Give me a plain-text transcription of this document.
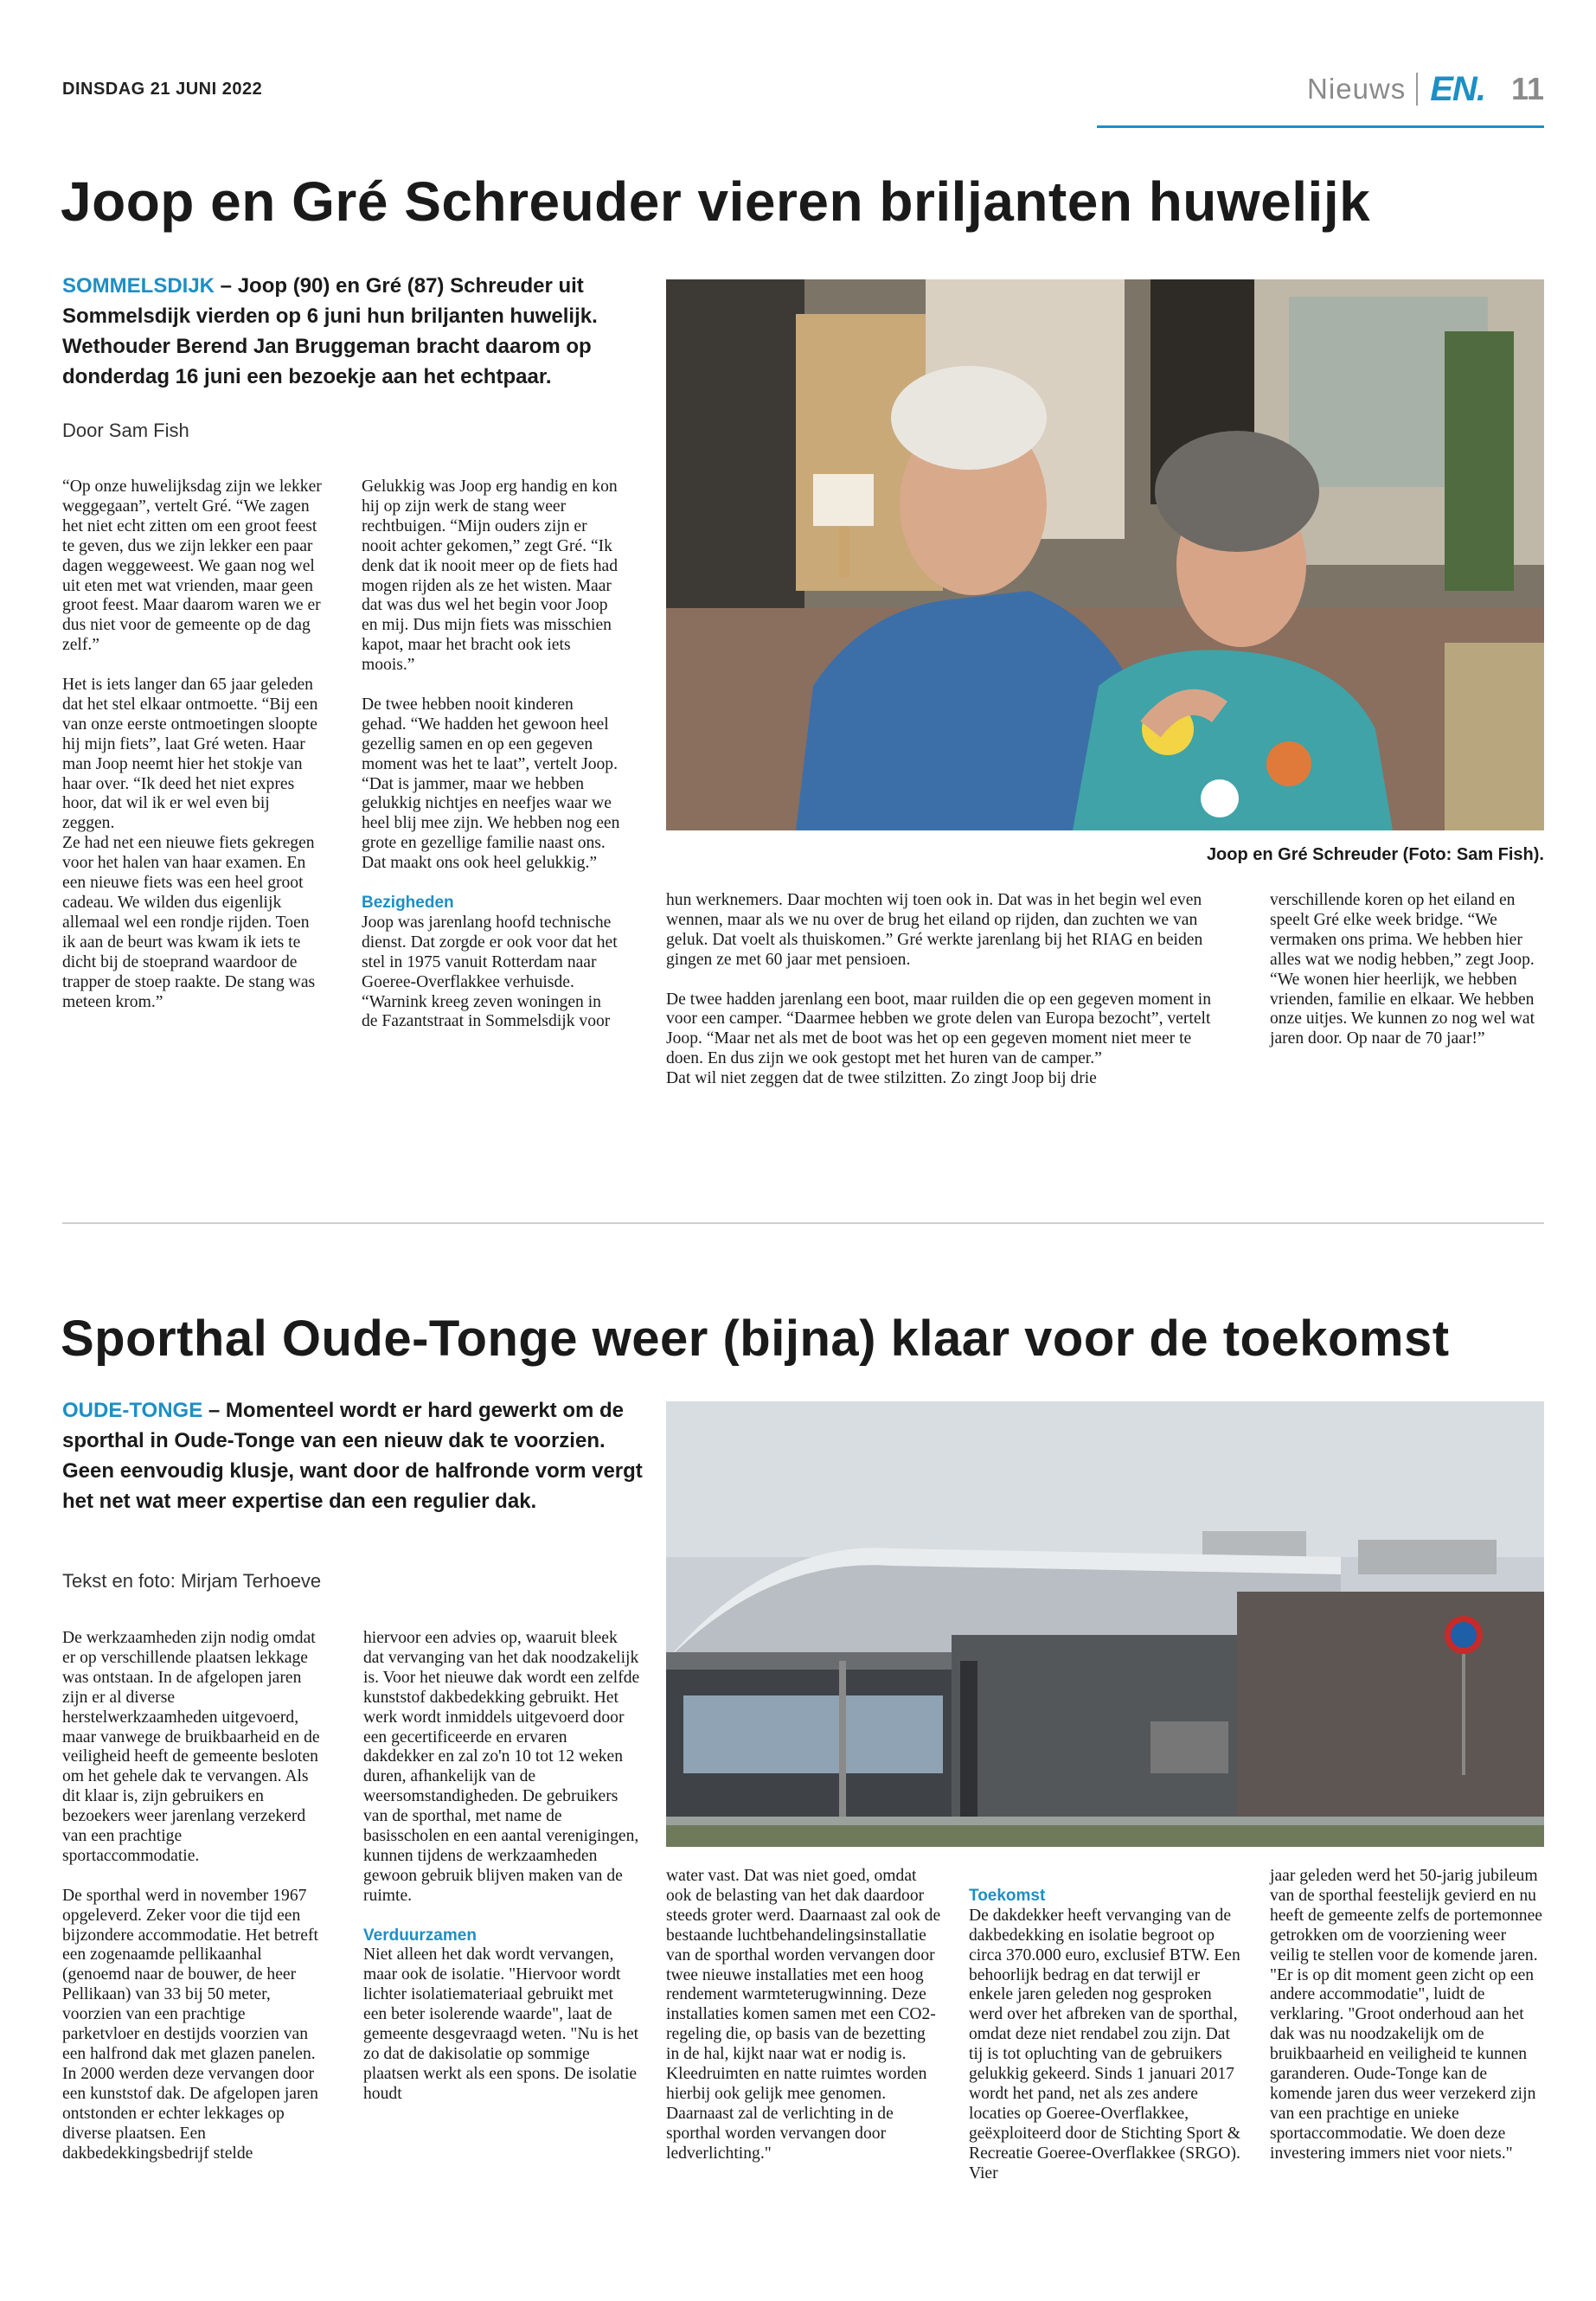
DINSDAG 21 JUNI 2022	Nieuws EN. 11
Joop en Gré Schreuder vieren briljanten huwelijk
SOMMELSDIJK – Joop (90) en Gré (87) Schreuder uit Sommelsdijk vierden op 6 juni hun briljanten huwelijk. Wethouder Berend Jan Bruggeman bracht daarom op donderdag 16 juni een bezoekje aan het echtpaar.
Door Sam Fish
Joop en Gré Schreuder (Foto: Sam Fish).

“Op onze huwelijksdag zijn we lekker weggegaan”, vertelt Gré. “We zagen het niet echt zitten om een groot feest te geven, dus we zijn lekker een paar dagen weggeweest. We gaan nog wel uit eten met wat vrienden, maar geen groot feest. Maar daarom waren we er dus niet voor de gemeente op de dag zelf.”

Het is iets langer dan 65 jaar geleden dat het stel elkaar ontmoette. “Bij een van onze eerste ontmoetingen sloopte hij mijn fiets”, laat Gré weten. Haar man Joop neemt hier het stokje van haar over. “Ik deed het niet expres hoor, dat wil ik er wel even bij zeggen.

Ze had net een nieuwe fiets gekregen voor het halen van haar examen. En een nieuwe fiets was een heel groot cadeau. We wilden dus eigenlijk allemaal wel een rondje rijden. Toen ik aan de beurt was kwam ik iets te dicht bij de stoeprand waardoor de trapper de stoep raakte. De stang was meteen krom.”

Gelukkig was Joop erg handig en kon hij op zijn werk de stang weer rechtbuigen. “Mijn ouders zijn er nooit achter gekomen,” zegt Gré. “Ik denk dat ik nooit meer op de fiets had mogen rijden als ze het wisten. Maar dat was dus wel het begin voor Joop en mij. Dus mijn fiets was misschien kapot, maar het bracht ook iets moois.”

De twee hebben nooit kinderen gehad. “We hadden het gewoon heel gezellig samen en op een gegeven moment was het te laat”, vertelt Joop. “Dat is jammer, maar we hebben gelukkig nichtjes en neefjes waar we heel blij mee zijn. We hebben nog een grote en gezellige familie naast ons. Dat maakt ons ook heel gelukkig.”

Bezigheden

Joop was jarenlang hoofd technische dienst. Dat zorgde er ook voor dat het stel in 1975 vanuit Rotterdam naar Goeree-Overflakkee verhuisde. “Warnink kreeg zeven woningen in de Fazantstraat in Sommelsdijk voor

hun werknemers. Daar mochten wij toen ook in. Dat was in het begin wel even wennen, maar als we nu over de brug het eiland op rijden, dan zuchten we van geluk. Dat voelt als thuiskomen.” Gré werkte jarenlang bij het RIAG en beiden gingen ze met 60 jaar met pensioen.

De twee hadden jarenlang een boot, maar ruilden die op een gegeven moment in voor een camper. “Daarmee hebben we grote delen van Europa bezocht”, vertelt Joop. “Maar net als met de boot was het op een gegeven moment niet meer te doen. En dus zijn we ook gestopt met het huren van de camper.”

Dat wil niet zeggen dat de twee stilzitten. Zo zingt Joop bij drie

verschillende koren op het eiland en speelt Gré elke week bridge. “We vermaken ons prima. We hebben hier alles wat we nodig hebben,” zegt Joop. “We wonen hier heerlijk, we hebben vrienden, familie en elkaar. We hebben onze uitjes. We kunnen zo nog wel wat jaren door. Op naar de 70 jaar!”

Sporthal Oude-Tonge weer (bijna) klaar voor de toekomst
OUDE-TONGE – Momenteel wordt er hard gewerkt om de sporthal in Oude-Tonge van een nieuw dak te voorzien. Geen eenvoudig klusje, want door de halfronde vorm vergt het net wat meer expertise dan een regulier dak.
Tekst en foto: Mirjam Terhoeve

De werkzaamheden zijn nodig omdat er op verschillende plaatsen lekkage was ontstaan. In de afgelopen jaren zijn er al diverse herstelwerkzaamheden uitgevoerd, maar vanwege de bruikbaarheid en de veiligheid heeft de gemeente besloten om het gehele dak te vervangen. Als dit klaar is, zijn gebruikers en bezoekers weer jarenlang verzekerd van een prachtige sportaccommodatie.

De sporthal werd in november 1967 opgeleverd. Zeker voor die tijd een bijzondere accommodatie. Het betreft een zogenaamde pellikaanhal (genoemd naar de bouwer, de heer Pellikaan) van 33 bij 50 meter, voorzien van een prachtige parketvloer en destijds voorzien van een halfrond dak met glazen panelen. In 2000 werden deze vervangen door een kunststof dak. De afgelopen jaren ontstonden er echter lekkages op diverse plaatsen. Een dakbedekkingsbedrijf stelde

hiervoor een advies op, waaruit bleek dat vervanging van het dak noodzakelijk is. Voor het nieuwe dak wordt een zelfde kunststof dakbedekking gebruikt. Het werk wordt inmiddels uitgevoerd door een gecertificeerde en ervaren dakdekker en zal zo'n 10 tot 12 weken duren, afhankelijk van de weersomstandigheden. De gebruikers van de sporthal, met name de basisscholen en een aantal verenigingen, kunnen tijdens de werkzaamheden gewoon gebruik blijven maken van de ruimte.

Verduurzamen

Niet alleen het dak wordt vervangen, maar ook de isolatie. "Hiervoor wordt lichter isolatiemateriaal gebruikt met een beter isolerende waarde", laat de gemeente desgevraagd weten. "Nu is het zo dat de dakisolatie op sommige plaatsen werkt als een spons. De isolatie houdt

water vast. Dat was niet goed, omdat ook de belasting van het dak daardoor steeds groter werd. Daarnaast zal ook de bestaande luchtbehandelingsinstallatie van de sporthal worden vervangen door twee nieuwe installaties met een hoog rendement warmteterugwinning. Deze installaties komen samen met een CO2-regeling die, op basis van de bezetting in de hal, kijkt naar wat er nodig is. Kleedruimten en natte ruimtes worden hierbij ook gelijk mee genomen. Daarnaast zal de verlichting in de sporthal worden vervangen door ledverlichting."

Toekomst

De dakdekker heeft vervanging van de dakbedekking en isolatie begroot op circa 370.000 euro, exclusief BTW. Een behoorlijk bedrag en dat terwijl er enkele jaren geleden nog gesproken werd over het afbreken van de sporthal, omdat deze niet rendabel zou zijn. Dat tij is tot opluchting van de gebruikers gelukkig gekeerd. Sinds 1 januari 2017 wordt het pand, net als zes andere locaties op Goeree-Overflakkee, geëxploiteerd door de Stichting Sport & Recreatie Goeree-Overflakkee (SRGO). Vier

jaar geleden werd het 50-jarig jubileum van de sporthal feestelijk gevierd en nu heeft de gemeente zelfs de portemonnee getrokken om de voorziening weer veilig te stellen voor de komende jaren. "Er is op dit moment geen zicht op een andere accommodatie", luidt de verklaring. "Groot onderhoud aan het dak was nu noodzakelijk om de bruikbaarheid en veiligheid te kunnen garanderen. Oude-Tonge kan de komende jaren dus weer verzekerd zijn van een prachtige en unieke sportaccommodatie. We doen deze investering immers niet voor niets."
